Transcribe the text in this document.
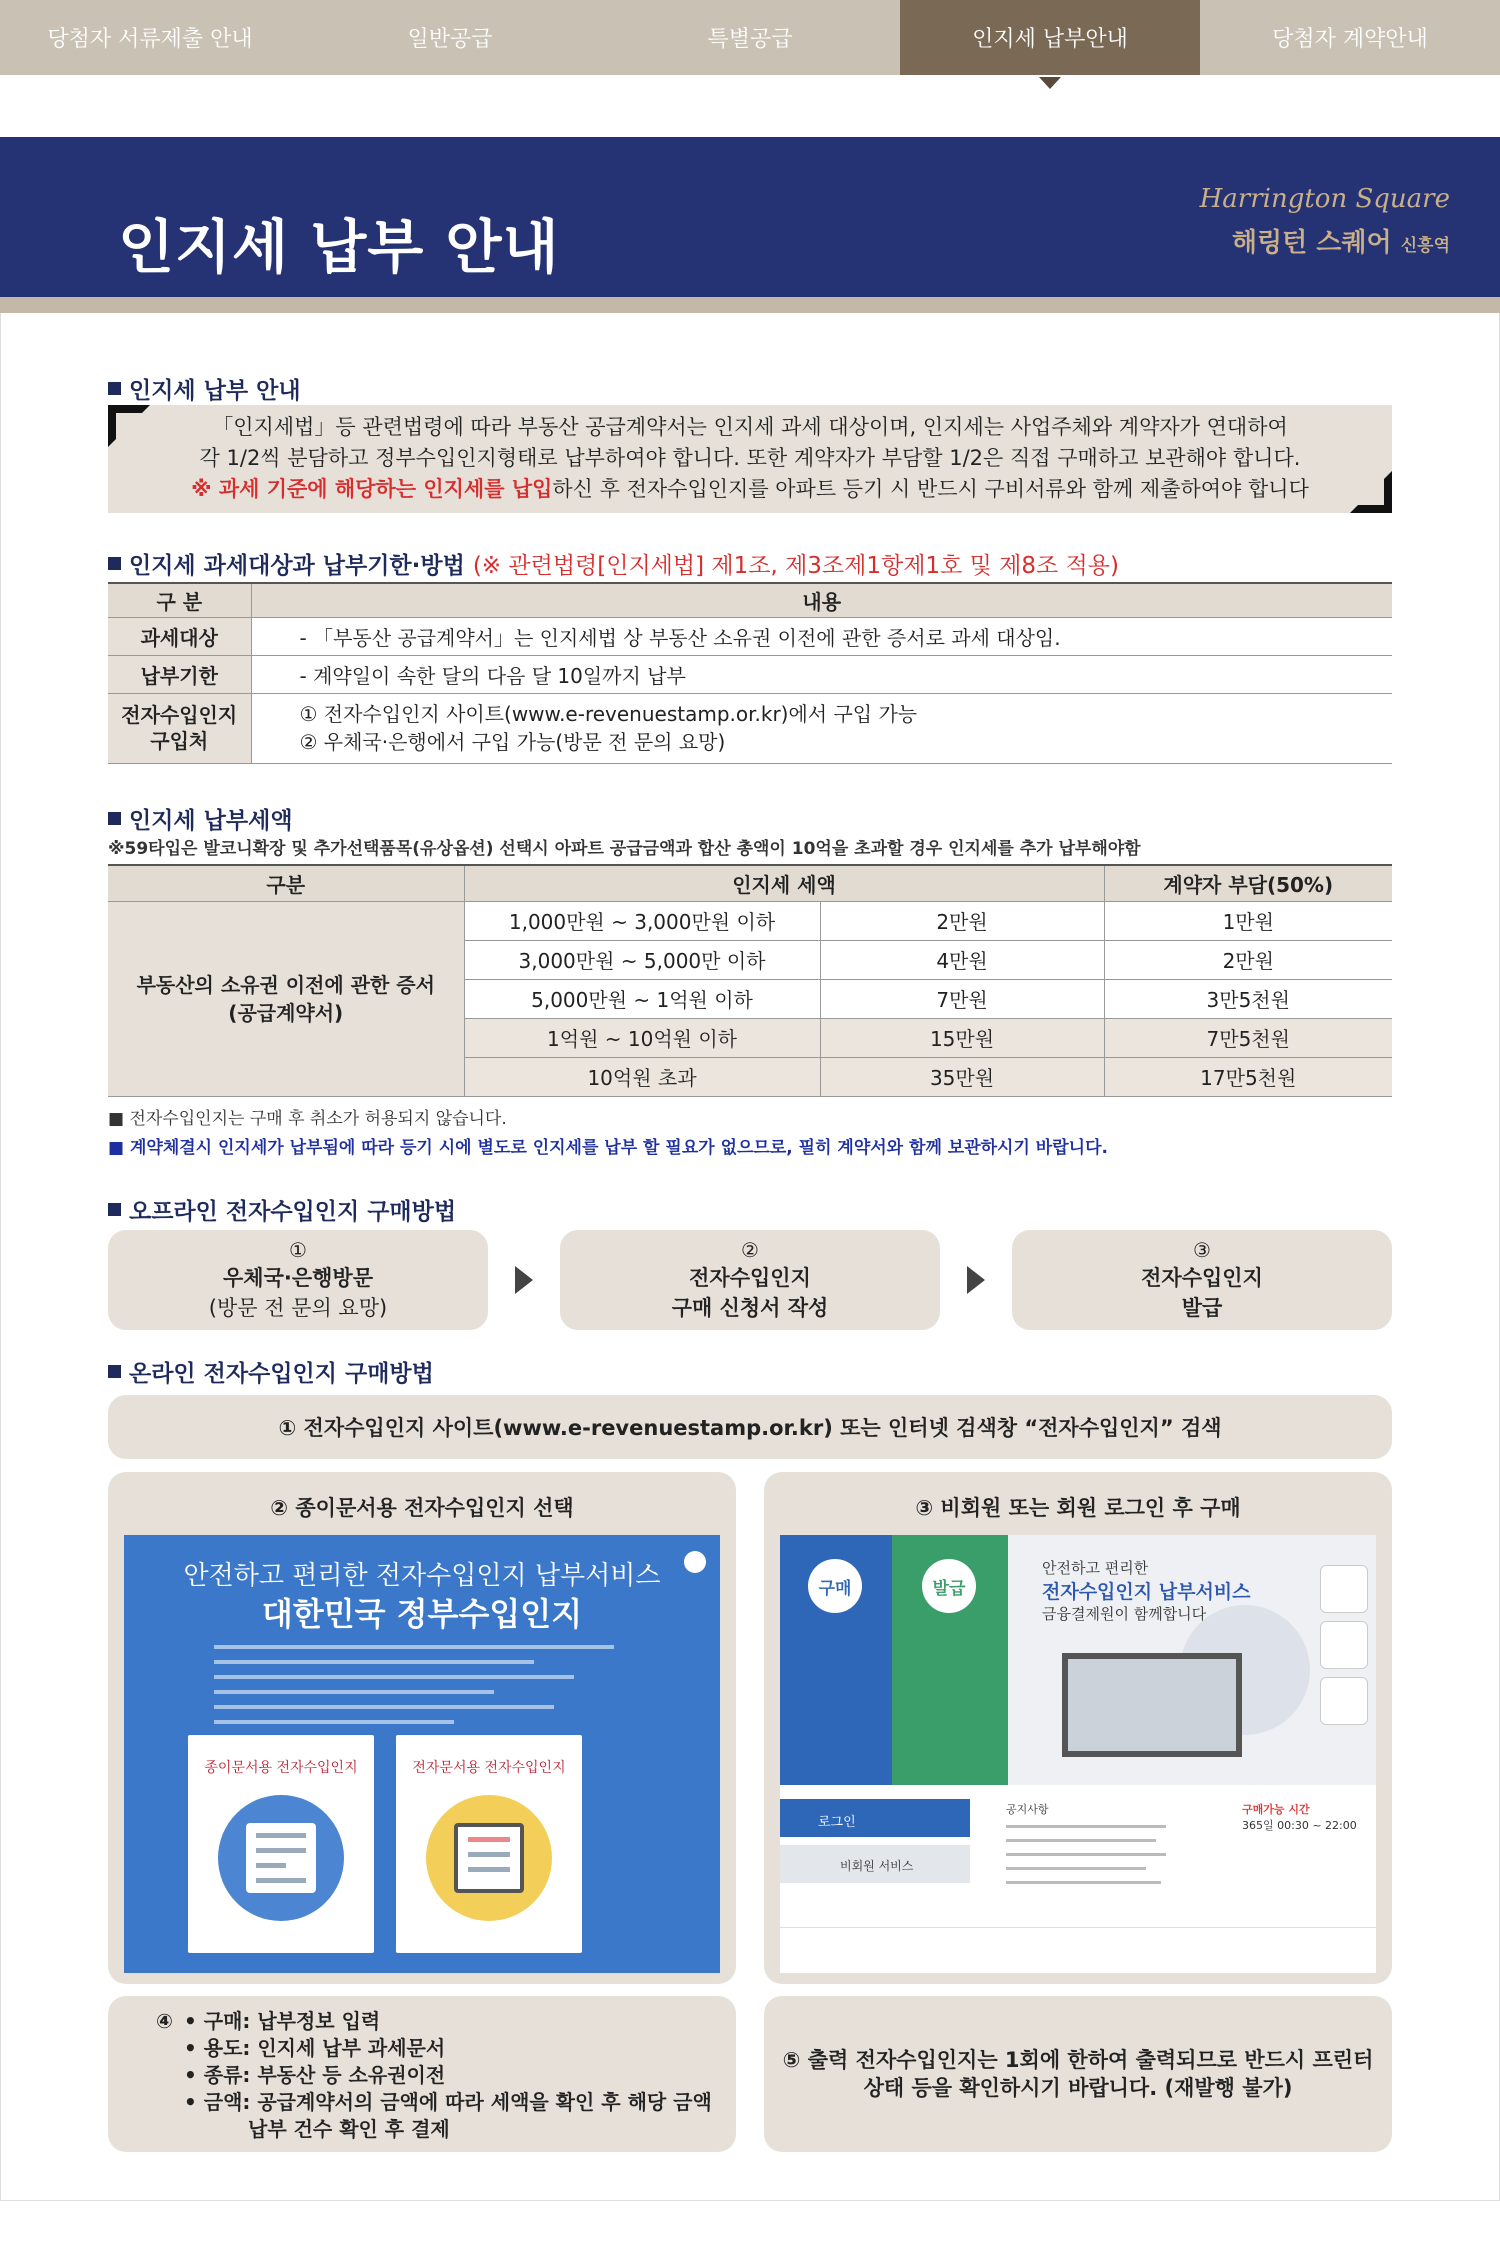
당첨자 서류제출 안내	일반공급	특별공급	인지세 납부안내	당첨자 계약안내
인지세 납부 안내
Harrington Square
해링턴 스퀘어 신흥역
인지세 납부 안내

「인지세법」등 관련법령에 따라 부동산 공급계약서는 인지세 과세 대상이며, 인지세는 사업주체와 계약자가 연대하여

각 1/2씩 분담하고 정부수입인지형태로 납부하여야 합니다. 또한 계약자가 부담할 1/2은 직접 구매하고 보관해야 합니다.

※ 과세 기준에 해당하는 인지세를 납입하신 후 전자수입인지를 아파트 등기 시 반드시 구비서류와 함께 제출하여야 합니다

인지세 과세대상과 납부기한·방법
(※ 관련법령[인지세법] 제1조, 제3조제1항제1호 및 제8조 적용)
구 분	내용
과세대상	- 「부동산 공급계약서」는 인지세법 상 부동산 소유권 이전에 관한 증서로 과세 대상임.
납부기한	- 계약일이 속한 달의 다음 달 10일까지 납부
전자수입인지
구입처	① 전자수입인지 사이트(www.e-revenuestamp.or.kr)에서 구입 가능
② 우체국·은행에서 구입 가능(방문 전 문의 요망)
인지세 납부세액
※59타입은 발코니확장 및 추가선택품목(유상옵션) 선택시 아파트 공급금액과 합산 총액이 10억을 초과할 경우 인지세를 추가 납부해야함
구분	인지세 세액		계약자 부담(50%)
부동산의 소유권 이전에 관한 증서
(공급계약서)	1,000만원 ~ 3,000만원 이하	2만원	1만원
	3,000만원 ~ 5,000만 이하	4만원	2만원
	5,000만원 ~ 1억원 이하	7만원	3만5천원
	1억원 ~ 10억원 이하	15만원	7만5천원
	10억원 초과	35만원	17만5천원
■ 전자수입인지는 구매 후 취소가 허용되지 않습니다.
■ 계약체결시 인지세가 납부됨에 따라 등기 시에 별도로 인지세를 납부 할 필요가 없으므로, 필히 계약서와 함께 보관하시기 바랍니다.
오프라인 전자수입인지 구매방법
①
우체국·은행방문
(방문 전 문의 요망)
②
전자수입인지
구매 신청서 작성
③
전자수입인지
발급
온라인 전자수입인지 구매방법
① 전자수입인지 사이트(www.e-revenuestamp.or.kr) 또는 인터넷 검색창 “전자수입인지” 검색
② 종이문서용 전자수입인지 선택
안전하고 편리한 전자수입인지 납부서비스
대한민국 정부수입인지
종이문서용 전자수입인지	전자문서용 전자수입인지
③ 비회원 또는 회원 로그인 후 구매
구매	발급
안전하고 편리한
전자수입인지 납부서비스
금융결제원이 함께합니다
로그인
비회원 서비스
공지사항	구매가능 시간
365일 00:30 ~ 22:00
④ • 구매: 납부정보 입력
• 용도: 인지세 납부 과세문서
• 종류: 부동산 등 소유권이전
• 금액: 공급계약서의 금액에 따라 세액을 확인 후 해당 금액
납부 건수 확인 후 결제
⑤ 출력 전자수입인지는 1회에 한하여 출력되므로 반드시 프린터
상태 등을 확인하시기 바랍니다. (재발행 불가)
